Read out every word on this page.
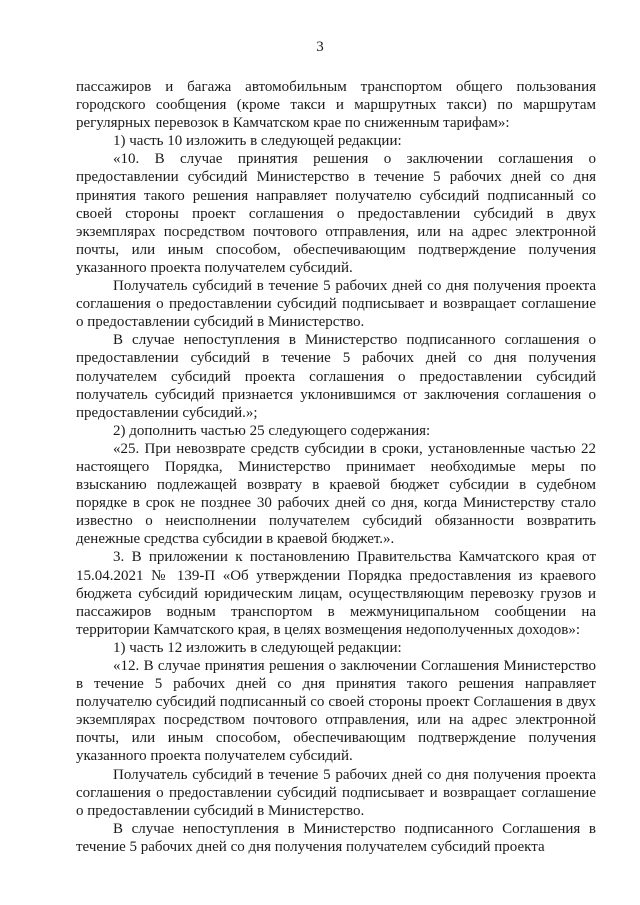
3

пассажиров и багажа автомобильным транспортом общего пользования городского сообщения (кроме такси и маршрутных такси) по маршрутам регулярных перевозок в Камчатском крае по сниженным тарифам»:

1) часть 10 изложить в следующей редакции:

«10. В случае принятия решения о заключении соглашения о предоставлении субсидий Министерство в течение 5 рабочих дней со дня принятия такого решения направляет получателю субсидий подписанный со своей стороны проект соглашения о предоставлении субсидий в двух экземплярах посредством почтового отправления, или на адрес электронной почты, или иным способом, обеспечивающим подтверждение получения указанного проекта получателем субсидий.

Получатель субсидий в течение 5 рабочих дней со дня получения проекта соглашения о предоставлении субсидий подписывает и возвращает соглашение о предоставлении субсидий в Министерство.

В случае непоступления в Министерство подписанного соглашения о предоставлении субсидий в течение 5 рабочих дней со дня получения получателем субсидий проекта соглашения о предоставлении субсидий получатель субсидий признается уклонившимся от заключения соглашения о предоставлении субсидий.»;

2) дополнить частью 25 следующего содержания:

«25. При невозврате средств субсидии в сроки, установленные частью 22 настоящего Порядка, Министерство принимает необходимые меры по взысканию подлежащей возврату в краевой бюджет субсидии в судебном порядке в срок не позднее 30 рабочих дней со дня, когда Министерству стало известно о неисполнении получателем субсидий обязанности возвратить денежные средства субсидии в краевой бюджет.».

3. В приложении к постановлению Правительства Камчатского края от 15.04.2021 № 139-П «Об утверждении Порядка предоставления из краевого бюджета субсидий юридическим лицам, осуществляющим перевозку грузов и пассажиров водным транспортом в межмуниципальном сообщении на территории Камчатского края, в целях возмещения недополученных доходов»:

1) часть 12 изложить в следующей редакции:

«12. В случае принятия решения о заключении Соглашения Министерство в течение 5 рабочих дней со дня принятия такого решения направляет получателю субсидий подписанный со своей стороны проект Соглашения в двух экземплярах посредством почтового отправления, или на адрес электронной почты, или иным способом, обеспечивающим подтверждение получения указанного проекта получателем субсидий.

Получатель субсидий в течение 5 рабочих дней со дня получения проекта соглашения о предоставлении субсидий подписывает и возвращает соглашение о предоставлении субсидий в Министерство.

В случае непоступления в Министерство подписанного Соглашения в течение 5 рабочих дней со дня получения получателем субсидий проекта
